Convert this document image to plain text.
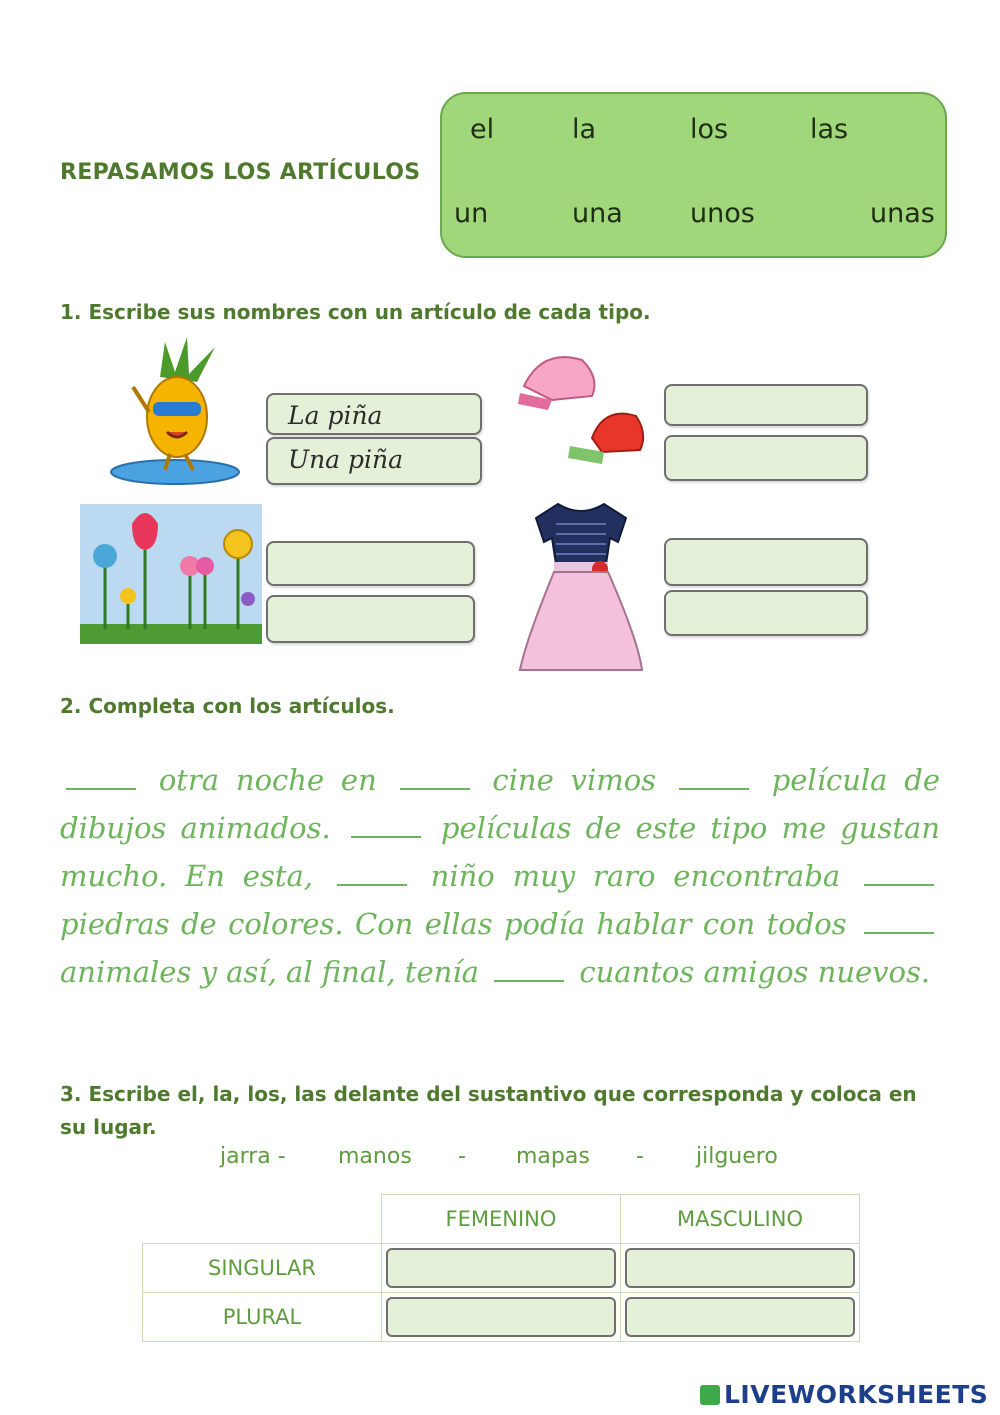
REPASAMOS LOS ARTÍCULOS
el	la	los	las
un	una unos	unas
1. Escribe sus nombres con un artículo de cada tipo.
La piña
Una piña
2. Completa con los artículos.
otra noche en	cine vimos	película de dibujos animados.	películas de este tipo me gustan mucho. En esta,	niño muy raro encontraba  piedras de colores. Con ellas podía hablar con todos  animales y así, al final, tenía	cuantos amigos nuevos.
3. Escribe el, la, los, las delante del sustantivo que corresponda y coloca en su lugar.
jarra - manos - mapas - jilguero
	FEMENINO	MASCULINO
SINGULAR	

PLURAL	

LIVEWORKSHEETS
